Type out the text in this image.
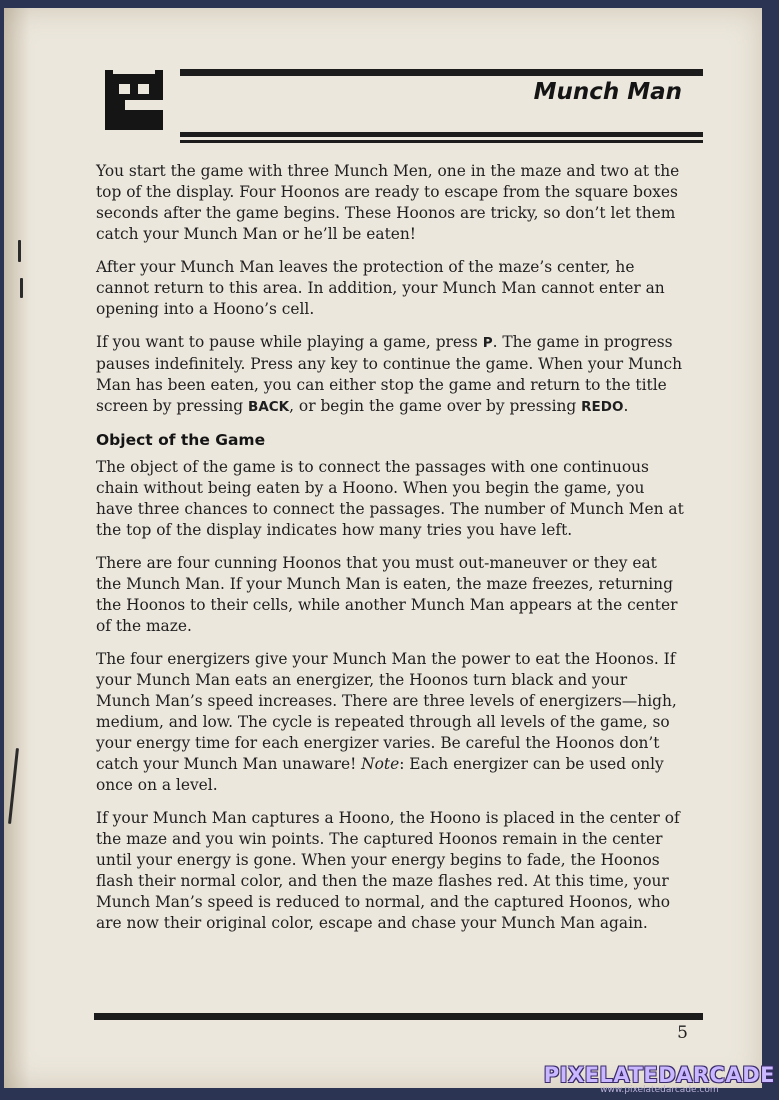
Munch Man

You start the game with three Munch Men, one in the maze and two at the top of the display. Four Hoonos are ready to escape from the square boxes seconds after the game begins. These Hoonos are tricky, so don’t let them catch your Munch Man or he’ll be eaten!

After your Munch Man leaves the protection of the maze’s center, he cannot return to this area. In addition, your Munch Man cannot enter an opening into a Hoono’s cell.

If you want to pause while playing a game, press P. The game in progress pauses indefinitely. Press any key to continue the game. When your Munch Man has been eaten, you can either stop the game and return to the title screen by pressing BACK, or begin the game over by pressing REDO.

Object of the Game

The object of the game is to connect the passages with one continuous chain without being eaten by a Hoono. When you begin the game, you have three chances to connect the passages. The number of Munch Men at the top of the display indicates how many tries you have left.

There are four cunning Hoonos that you must out-maneuver or they eat the Munch Man. If your Munch Man is eaten, the maze freezes, returning the Hoonos to their cells, while another Munch Man appears at the center of the maze.

The four energizers give your Munch Man the power to eat the Hoonos. If your Munch Man eats an energizer, the Hoonos turn black and your Munch Man’s speed increases. There are three levels of energizers—high, medium, and low. The cycle is repeated through all levels of the game, so your energy time for each energizer varies. Be careful the Hoonos don’t catch your Munch Man unaware! Note: Each energizer can be used only once on a level.

If your Munch Man captures a Hoono, the Hoono is placed in the center of the maze and you win points. The captured Hoonos remain in the center until your energy is gone. When your energy begins to fade, the Hoonos flash their normal color, and then the maze flashes red. At this time, your Munch Man’s speed is reduced to normal, and the captured Hoonos, who are now their original color, escape and chase your Munch Man again.

5
PIXELATEDARCADE
www.pixelatedarcade.com
